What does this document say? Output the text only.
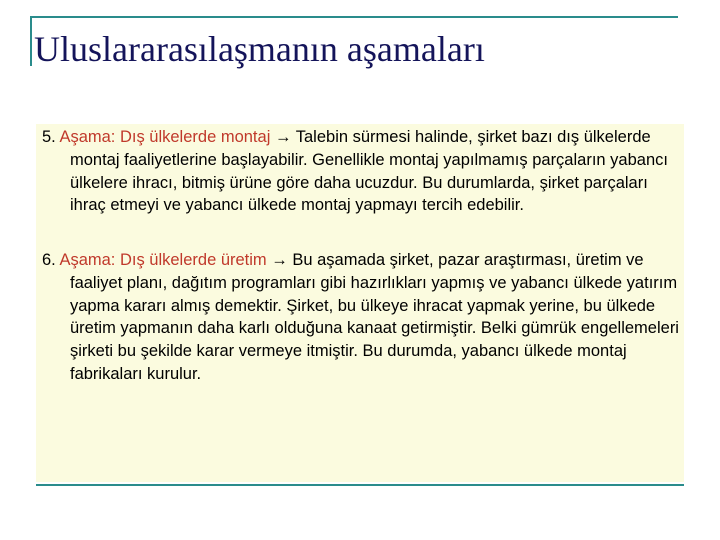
Uluslararasılaşmanın aşamaları

5. Aşama: Dış ülkelerde montaj → Talebin sürmesi halinde, şirket bazı dış ülkelerde montaj faaliyetlerine başlayabilir. Genellikle montaj yapılmamış parçaların yabancı ülkelere ihracı, bitmiş ürüne göre daha ucuzdur. Bu durumlarda, şirket parçaları ihraç etmeyi ve yabancı ülkede montaj yapmayı tercih edebilir.

6. Aşama: Dış ülkelerde üretim → Bu aşamada şirket, pazar araştırması, üretim ve faaliyet planı, dağıtım programları gibi hazırlıkları yapmış ve yabancı ülkede yatırım yapma kararı almış demektir. Şirket, bu ülkeye ihracat yapmak yerine, bu ülkede üretim yapmanın daha karlı olduğuna kanaat getirmiştir. Belki gümrük engellemeleri şirketi bu şekilde karar vermeye itmiştir. Bu durumda, yabancı ülkede montaj fabrikaları kurulur.
